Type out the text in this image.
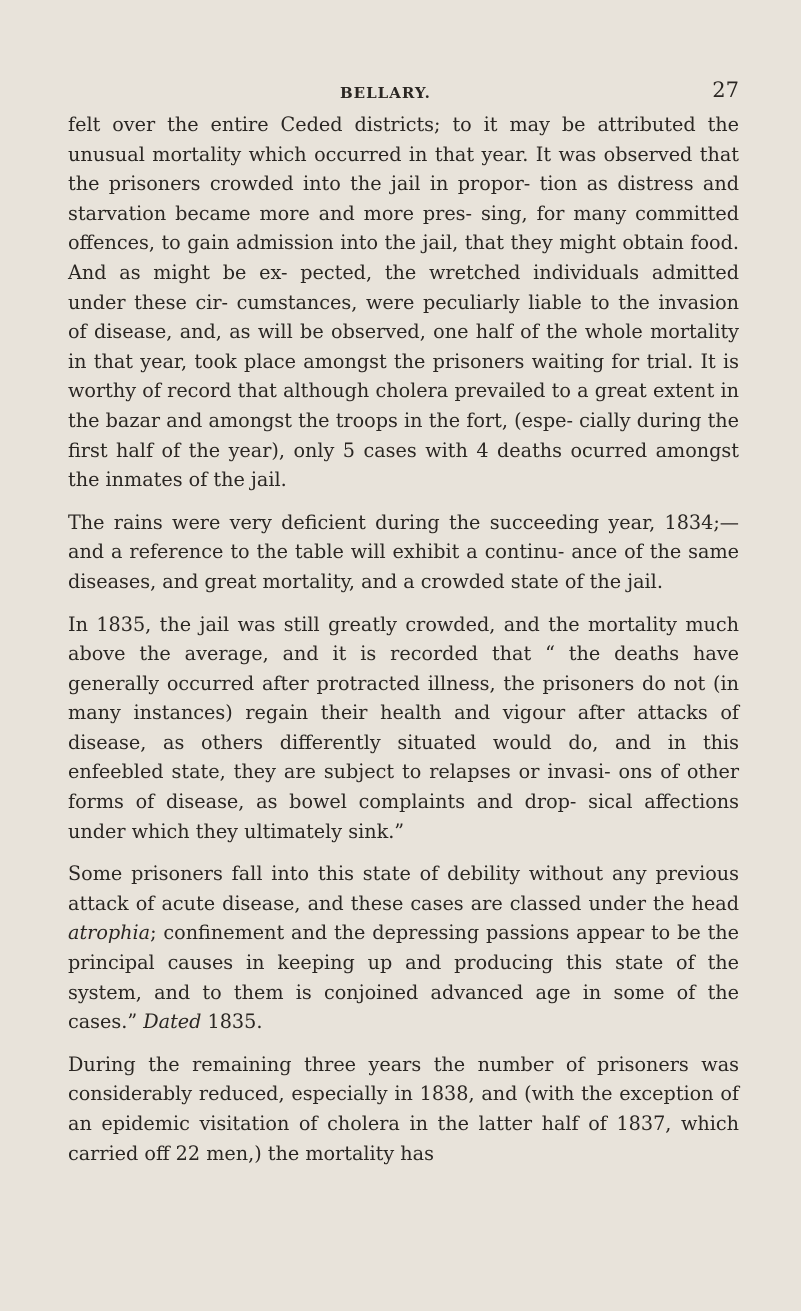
BELLARY.	27

felt over the entire Ceded districts; to it may be attributed the unusual mortality which occurred in that year. It was observed that the prisoners crowded into the jail in propor- tion as distress and starvation became more and more pres- sing, for many committed offences, to gain admission into the jail, that they might obtain food. And as might be ex- pected, the wretched individuals admitted under these cir- cumstances, were peculiarly liable to the invasion of disease, and, as will be observed, one half of the whole mortality in that year, took place amongst the prisoners waiting for trial. It is worthy of record that although cholera prevailed to a great extent in the bazar and amongst the troops in the fort, (espe- cially during the first half of the year), only 5 cases with 4 deaths ocurred amongst the inmates of the jail.

The rains were very deficient during the succeeding year, 1834;—and a reference to the table will exhibit a continu- ance of the same diseases, and great mortality, and a crowded state of the jail.

In 1835, the jail was still greatly crowded, and the mortality much above the average, and it is recorded that “ the deaths have generally occurred after protracted illness, the prisoners do not (in many instances) regain their health and vigour after attacks of disease, as others differently situated would do, and in this enfeebled state, they are subject to relapses or invasi- ons of other forms of disease, as bowel complaints and drop- sical affections under which they ultimately sink.”

Some prisoners fall into this state of debility without any previous attack of acute disease, and these cases are classed under the head atrophia; confinement and the depressing passions appear to be the principal causes in keeping up and producing this state of the system, and to them is conjoined advanced age in some of the cases.” Dated 1835.

During the remaining three years the number of prisoners was considerably reduced, especially in 1838, and (with the exception of an epidemic visitation of cholera in the latter half of 1837, which carried off 22 men,) the mortality has
